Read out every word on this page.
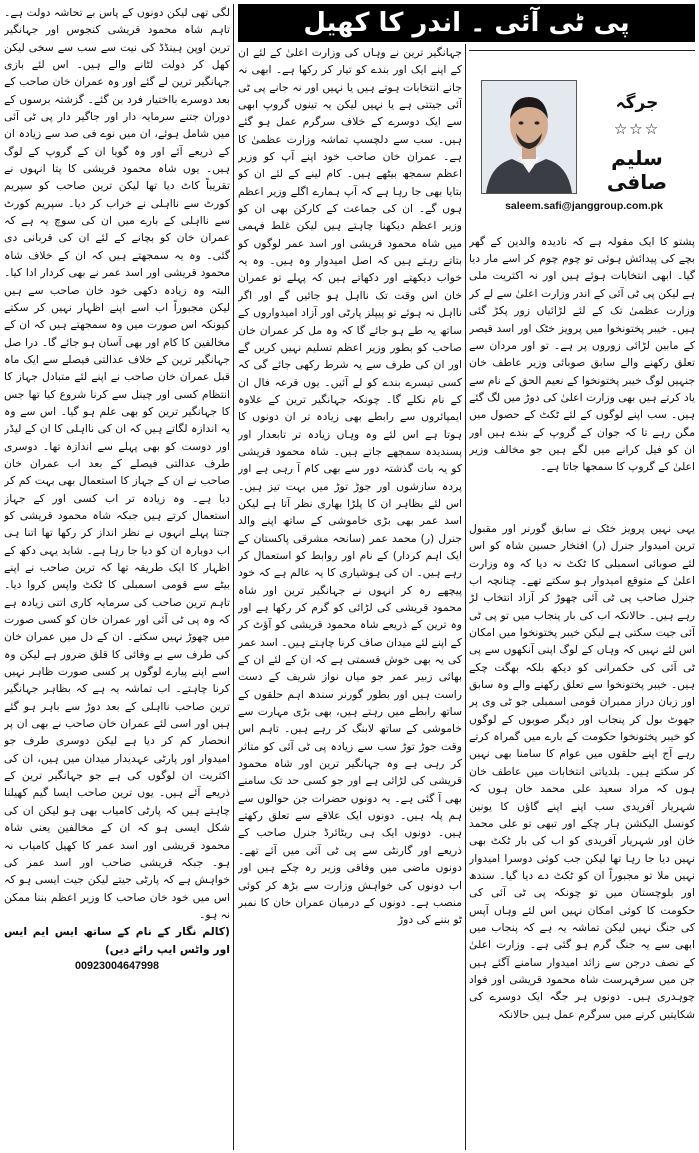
پی ٹی آئی ۔ اندر کا کھیل
جرگہ
☆☆☆
سلیم صافی
saleem.safi@janggroup.com.pk

پشتو کا ایک مقولہ ہے کہ نادیدہ والدین کے گھر بچے کی پیدائش ہوئی تو چوم چوم کر اسے مار دیا گیا۔ ابھی انتخابات ہوئے ہیں اور نہ اکثریت ملی ہے لیکن پی ٹی آئی کے اندر وزارت اعلیٰ سے لے کر وزارت عظمیٰ تک کے لئے لڑائیاں زور پکڑ گئی ہیں۔ خیبر پختونخوا میں پرویز خٹک اور اسد قیصر کے مابین لڑائی زوروں پر ہے۔ تو اور مردان سے تعلق رکھنے والے سابق صوبائی وزیر عاطف خان جنہیں لوگ خیبر پختونخوا کے نعیم الحق کے نام سے یاد کرتے ہیں بھی وزارت اعلیٰ کی دوڑ میں لگ گئے ہیں۔ سب اپنے لوگوں کے لئے ٹکٹ کے حصول میں مگن رہے تا کہ جوان کے گروپ کے بندے ہیں اور ان کو فیل کرانے میں لگے ہیں جو مخالف وزیر اعلیٰ کے گروپ کا سمجھا جاتا ہے۔

یہی نہیں پرویز خٹک نے سابق گورنر اور مقبول ترین امیدوار جنرل (ر) افتخار حسین شاہ کو اس لئے صوبائی اسمبلی کا ٹکٹ نہ دیا کہ وہ وزارت اعلیٰ کے متوقع امیدوار ہو سکتے تھے۔ چنانچہ اب جنرل صاحب پی ٹی آئی چھوڑ کر آزاد انتخاب لڑ رہے ہیں۔ حالانکہ اب کی بار پنجاب میں تو پی ٹی آئی جیت سکتی ہے لیکن خیبر پختونخوا میں امکان اس لئے نہیں کہ وہاں کے لوگ اپنی آنکھوں سے پی ٹی آئی کی حکمرانی کو دیکھ بلکہ بھگت چکے ہیں۔ خیبر پختونخوا سے تعلق رکھنے والے وہ سابق اور زبان دراز ممبران قومی اسمبلی جو ٹی وی پر جھوٹ بول کر پنجاب اور دیگر صوبوں کے لوگوں کو خیبر پختونخوا حکومت کے بارے میں گمراہ کرتے رہے آج اپنے حلقوں میں عوام کا سامنا بھی نہیں کر سکتے ہیں۔ بلدیاتی انتخابات میں عاطف خان ہوں کہ مراد سعید علی محمد خان ہوں کہ شہریار آفریدی سب اپنے اپنے گاؤں کا یونین کونسل الیکشن ہار چکے اور تبھی تو علی محمد خان اور شہریار آفریدی کو اب کی بار ٹکٹ بھی نہیں دیا جا رہا تھا لیکن جب کوئی دوسرا امیدوار نہیں ملا تو مجبوراً ان کو ٹکٹ دے دیا گیا۔ سندھ اور بلوچستان میں تو چونکہ پی ٹی آئی کی حکومت کا کوئی امکان نہیں اس لئے وہاں آپس کی جنگ نہیں لیکن تماشہ یہ ہے کہ پنجاب میں ابھی سے یہ جنگ گرم ہو گئی ہے۔ وزارت اعلیٰ کے نصف درجن سے زائد امیدوار سامنے آگئے ہیں جن میں سرفہرست شاہ محمود قریشی اور فواد چوہدری ہیں۔ دونوں ہر جگہ ایک دوسرے کی شکایتیں کرنے میں سرگرم عمل ہیں حالانکہ

جہانگیر ترین نے وہاں کی وزارت اعلیٰ کے لئے ان کے اپنے ایک اور بندے کو تیار کر رکھا ہے۔ ابھی نہ جانے انتخابات ہوتے ہیں یا نہیں اور نہ جانے پی ٹی آئی جیتتی ہے یا نہیں لیکن یہ تینوں گروپ ابھی سے ایک دوسرے کے خلاف سرگرم عمل ہو گئے ہیں۔ سب سے دلچسپ تماشہ وزارت عظمیٰ کا ہے۔ عمران خان صاحب خود اپنے آپ کو وزیر اعظم سمجھ بیٹھے ہیں۔ کام لینے کے لئے ان کو بتایا بھی جا رہا ہے کہ آپ ہمارے اگلے وزیر اعظم ہوں گے۔ ان کی جماعت کے کارکن بھی ان کو وزیر اعظم دیکھنا چاہتے ہیں لیکن غلط فہمی میں شاہ محمود قریشی اور اسد عمر لوگوں کو بتاتے رہتے ہیں کہ اصل امیدوار وہ ہیں۔ وہ یہ خواب دیکھتے اور دکھاتے ہیں کہ پہلے تو عمران خان اس وقت تک نااہل ہو جائیں گے اور اگر نااہل نہ ہوئے تو پیپلز پارٹی اور آزاد امیدواروں کے ساتھ یہ طے ہو جائے گا کہ وہ مل کر عمران خان صاحب کو بطور وزیر اعظم تسلیم نہیں کریں گے اور ان کی طرف سے یہ شرط رکھی جائے گی کہ کسی تیسرے بندے کو لے آئیں۔ یوں قرعہ فال ان کے نام نکلے گا۔ چونکہ جہانگیر ترین کے علاوہ ایمپائروں سے رابطے بھی زیادہ تر ان دونوں کا ہوتا ہے اس لئے وہ وہاں زیادہ تر تابعدار اور پسندیدہ سمجھے جاتے ہیں۔ شاہ محمود قریشی کو یہ بات گذشتہ دور سے بھی کام آ رہی ہے اور پردہ سازشوں اور جوڑ توڑ میں بہت تیز ہیں۔ اس لئے بظاہر ان کا پلڑا بھاری نظر آتا ہے لیکن اسد عمر بھی بڑی خاموشی کے ساتھ اپنے والد جنرل (ر) محمد عمر (سانحہ مشرقی پاکستان کے ایک اہم کردار) کے نام اور روابط کو استعمال کر رہے ہیں۔ ان کی ہوشیاری کا یہ عالم ہے کہ خود پیچھے رہ کر انہوں نے جہانگیر ترین اور شاہ محمود قریشی کی لڑائی کو گرم کر رکھا ہے اور وہ ترین کے ذریعے شاہ محمود قریشی کو آؤٹ کر کے اپنے لئے میدان صاف کرنا چاہتے ہیں۔ اسد عمر کی یہ بھی خوش قسمتی ہے کہ ان کے لئے ان کے بھائی زبیر عمر جو میاں نواز شریف کے دست راست ہیں اور بطور گورنر سندھ اہم حلقوں کے ساتھ رابطے میں رہتے ہیں، بھی بڑی مہارت سے خاموشی کے ساتھ لابنگ کر رہے ہیں۔ تاہم اس وقت جوڑ توڑ سب سے زیادہ پی ٹی آئی کو متاثر کر رہی ہے وہ جہانگیر ترین اور شاہ محمود قریشی کی لڑائی ہے اور جو کسی حد تک سامنے بھی آ گئی ہے۔ یہ دونوں حضرات جن حوالوں سے ہم پلہ ہیں۔ دونوں ایک علاقے سے تعلق رکھتے ہیں۔ دونوں ایک ہی ریٹائرڈ جنرل صاحب کے ذریعے اور گارنٹی سے پی ٹی آئی میں آئے تھے۔ دونوں ماضی میں وفاقی وزیر رہ چکے ہیں اور اب دونوں کی خواہش وزارت سے بڑھ کر کوئی منصب ہے۔ دونوں کے درمیان عمران خان کا نمبر ٹو بننے کی دوڑ

لگی تھی لیکن دونوں کے پاس بے تحاشہ دولت ہے۔ تاہم شاہ محمود قریشی کنجوس اور جہانگیر ترین اوپن ہینڈڈ کی نیت سے سب سے سخی لیکن کھل کر دولت لٹانے والے ہیں۔ اس لئے بازی جہانگیر ترین لے گئے اور وہ عمران خان صاحب کے بعد دوسرے بااختیار فرد بن گئے۔ گزشتہ برسوں کے دوران جتنے سرمایہ دار اور جاگیر دار پی ٹی آئی میں شامل ہوئے، ان میں نوے فی صد سے زیادہ ان کے ذریعے آئے اور وہ گویا ان کے گروپ کے لوگ ہیں۔ یوں شاہ محمود قریشی کا پتا انہوں نے تقریباً کاٹ دیا تھا لیکن ترین صاحب کو سپریم کورٹ سے نااہلی نے خراب کر دیا۔ سپریم کورٹ سے نااہلی کے بارے میں ان کی سوچ یہ ہے کہ عمران خان کو بچانے کے لئے ان کی قربانی دی گئی۔ وہ یہ سمجھتے ہیں کہ ان کے خلاف شاہ محمود قریشی اور اسد عمر نے بھی کردار ادا کیا۔ البتہ وہ زیادہ دکھی خود خان صاحب سے ہیں لیکن مجبوراً اب اسے اپنے اظہار نہیں کر سکتے کیونکہ اس صورت میں وہ سمجھتے ہیں کہ ان کے مخالفین کا کام اور بھی آسان ہو جائے گا۔ درا صل جہانگیر ترین کے خلاف عدالتی فیصلے سے ایک ماہ قبل عمران خان صاحب نے اپنے لئے متبادل جہاز کا انتظام کسی اور چینل سے کرنا شروع کیا تھا جس کا جہانگیر ترین کو بھی علم ہو گیا۔ اس سے وہ یہ اندازہ لگاتے ہیں کہ ان کی نااہلی کا ان کے لیڈر اور دوست کو بھی پہلے سے اندازہ تھا۔ دوسری طرف عدالتی فیصلے کے بعد اب عمران خان صاحب نے ان کے جہاز کا استعمال بھی بہت کم کر دیا ہے۔ وہ زیادہ تر اب کسی اور کے جہاز استعمال کرتے ہیں جبکہ شاہ محمود قریشی کو جتنا پہلے انہوں نے نظر انداز کر رکھا تھا اتنا ہی اب دوبارہ ان کو دیا جا رہا ہے۔ شاید یہی دکھ کے اظہار کا ایک طریقہ تھا کہ ترین صاحب نے اپنے بیٹے سے قومی اسمبلی کا ٹکٹ واپس کروا دیا۔ تاہم ترین صاحب کی سرمایہ کاری اتنی زیادہ ہے کہ وہ پی ٹی آئی اور عمران خان کو کسی صورت میں چھوڑ نہیں سکتے۔ ان کے دل میں عمران خان کی طرف سے بے وفائی کا قلق ضرور ہے لیکن وہ اسے اپنے پیارے لوگوں پر کسی صورت ظاہر نہیں کرنا چاہتے۔ اب تماشہ یہ ہے کہ بظاہر جہانگیر ترین صاحب نااہلی کے بعد دوڑ سے باہر ہو گئے ہیں اور اسی لئے عمران خان صاحب نے بھی ان پر انحصار کم کر دیا ہے لیکن دوسری طرف جو امیدوار اور پارٹی عہدیدار میدان میں ہیں، ان کی اکثریت ان لوگوں کی ہے جو جہانگیر ترین کے ذریعے آئے ہیں۔ یوں ترین صاحب ایسا گیم کھیلنا چاہتے ہیں کہ پارٹی کامیاب بھی ہو لیکن ان کی شکل ایسی ہو کہ ان کے مخالفین یعنی شاہ محمود قریشی اور اسد عمر کا کھیل کامیاب نہ ہو۔ جبکہ قریشی صاحب اور اسد عمر کی خواہش ہے کہ پارٹی جیتے لیکن جیت ایسی ہو کہ اس میں خود خان صاحب کا وزیر اعظم بننا ممکن نہ ہو۔

(کالم نگار کے نام کے ساتھ ایس ایم ایس اور واٹس ایپ رائے دیں)

00923004647998
